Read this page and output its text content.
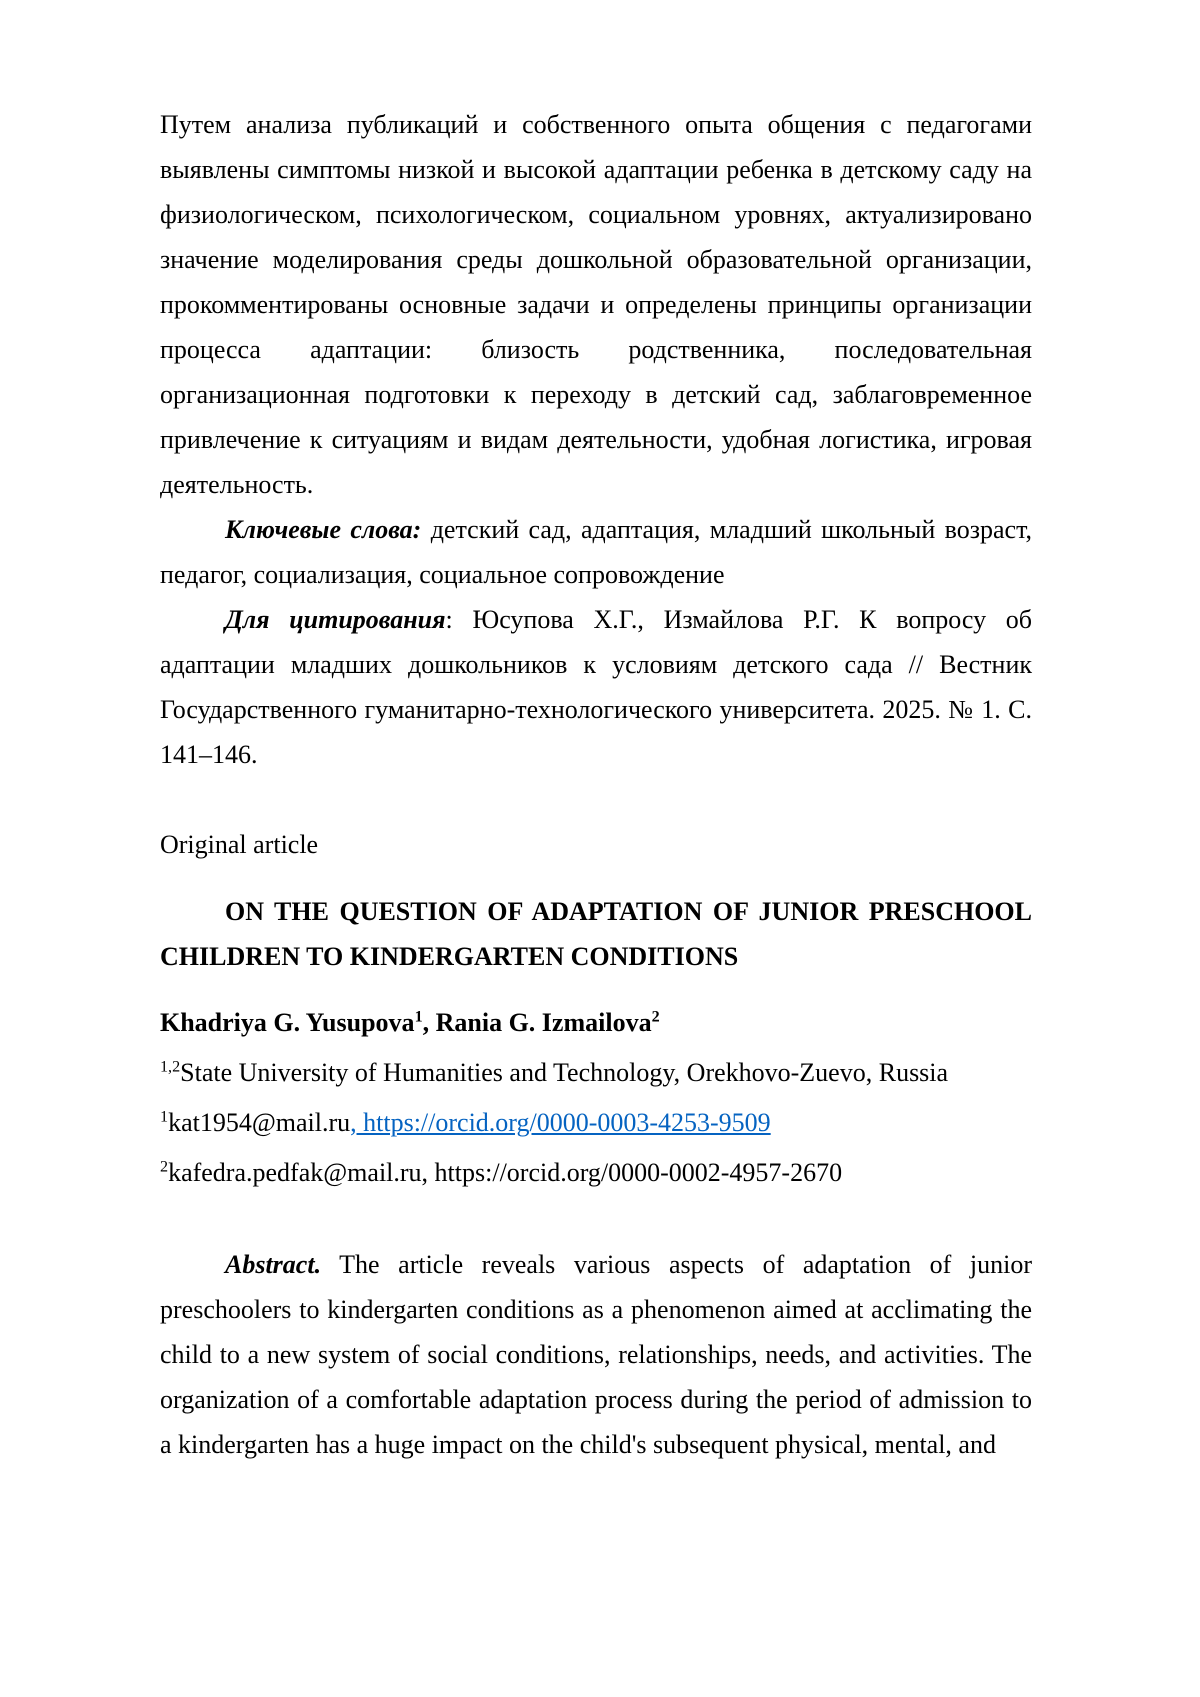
Путем анализа публикаций и собственного опыта общения с педагогами выявлены симптомы низкой и высокой адаптации ребенка в детскому саду на физиологическом, психологическом, социальном уровнях, актуализировано значение моделирования среды дошкольной образовательной организации, прокомментированы основные задачи и определены принципы организации процесса адаптации: близость родственника, последовательная организационная подготовки к переходу в детский сад, заблаговременное привлечение к ситуациям и видам деятельности, удобная логистика, игровая деятельность.

Ключевые слова: детский сад, адаптация, младший школьный возраст, педагог, социализация, социальное сопровождение

Для цитирования: Юсупова Х.Г., Измайлова Р.Г. К вопросу об адаптации младших дошкольников к условиям детского сада // Вестник Государственного гуманитарно-технологического университета. 2025. № 1. С. 141–146.

Original article

ON THE QUESTION OF ADAPTATION OF JUNIOR PRESCHOOL CHILDREN TO KINDERGARTEN CONDITIONS

Khadriya G. Yusupova$^1$, Rania G. Izmailova$^2$

$^{1,2}$State University of Humanities and Technology, Orekhovo-Zuevo, Russia

$^1$kat1954@mail.ru, https://orcid.org/0000-0003-4253-9509

$^2$kafedra.pedfak@mail.ru, https://orcid.org/0000-0002-4957-2670

Abstract. The article reveals various aspects of adaptation of junior preschoolers to kindergarten conditions as a phenomenon aimed at acclimating the child to a new system of social conditions, relationships, needs, and activities. The organization of a comfortable adaptation process during the period of admission to a kindergarten has a huge impact on the child's subsequent physical, mental, and
